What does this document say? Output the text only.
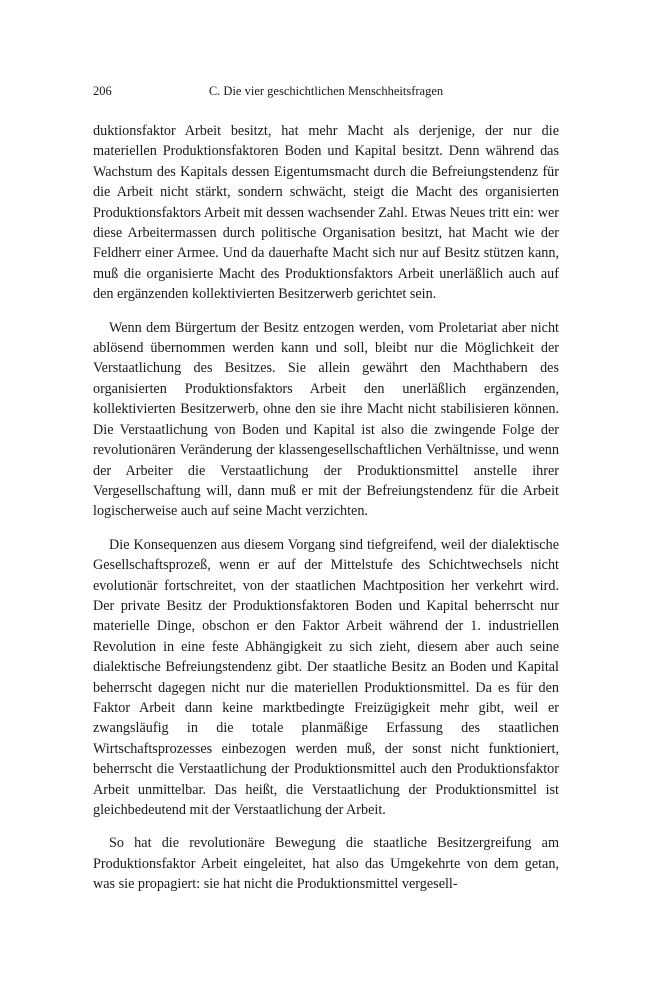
206	C. Die vier geschichtlichen Menschheitsfragen

duktionsfaktor Arbeit besitzt, hat mehr Macht als derjenige, der nur die materiellen Produktionsfaktoren Boden und Kapital besitzt. Denn während das Wachstum des Kapitals dessen Eigentumsmacht durch die Befreiungstendenz für die Arbeit nicht stärkt, sondern schwächt, steigt die Macht des organisierten Produktionsfaktors Arbeit mit dessen wachsender Zahl. Etwas Neues tritt ein: wer diese Arbeitermassen durch politische Organisation besitzt, hat Macht wie der Feldherr einer Armee. Und da dauerhafte Macht sich nur auf Besitz stützen kann, muß die organisierte Macht des Produktionsfaktors Arbeit unerläßlich auch auf den ergänzenden kollektivierten Besitzerwerb gerichtet sein.

Wenn dem Bürgertum der Besitz entzogen werden, vom Proletariat aber nicht ablösend übernommen werden kann und soll, bleibt nur die Möglichkeit der Verstaatlichung des Besitzes. Sie allein gewährt den Machthabern des organisierten Produktionsfaktors Arbeit den unerläßlich ergänzenden, kollektivierten Besitzerwerb, ohne den sie ihre Macht nicht stabilisieren können. Die Verstaatlichung von Boden und Kapital ist also die zwingende Folge der revolutionären Veränderung der klassengesellschaftlichen Verhältnisse, und wenn der Arbeiter die Verstaatlichung der Produktionsmittel anstelle ihrer Vergesellschaftung will, dann muß er mit der Befreiungstendenz für die Arbeit logischerweise auch auf seine Macht verzichten.

Die Konsequenzen aus diesem Vorgang sind tiefgreifend, weil der dialektische Gesellschaftsprozeß, wenn er auf der Mittelstufe des Schichtwechsels nicht evolutionär fortschreitet, von der staatlichen Machtposition her verkehrt wird. Der private Besitz der Produktionsfaktoren Boden und Kapital beherrscht nur materielle Dinge, obschon er den Faktor Arbeit während der 1. industriellen Revolution in eine feste Abhängigkeit zu sich zieht, diesem aber auch seine dialektische Befreiungstendenz gibt. Der staatliche Besitz an Boden und Kapital beherrscht dagegen nicht nur die materiellen Produktionsmittel. Da es für den Faktor Arbeit dann keine marktbedingte Freizügigkeit mehr gibt, weil er zwangsläufig in die totale planmäßige Erfassung des staatlichen Wirtschaftsprozesses einbezogen werden muß, der sonst nicht funktioniert, beherrscht die Verstaatlichung der Produktionsmittel auch den Produktionsfaktor Arbeit unmittelbar. Das heißt, die Verstaatlichung der Produktionsmittel ist gleichbedeutend mit der Verstaatlichung der Arbeit.

So hat die revolutionäre Bewegung die staatliche Besitzergreifung am Produktionsfaktor Arbeit eingeleitet, hat also das Umgekehrte von dem getan, was sie propagiert: sie hat nicht die Produktionsmittel vergesell-
